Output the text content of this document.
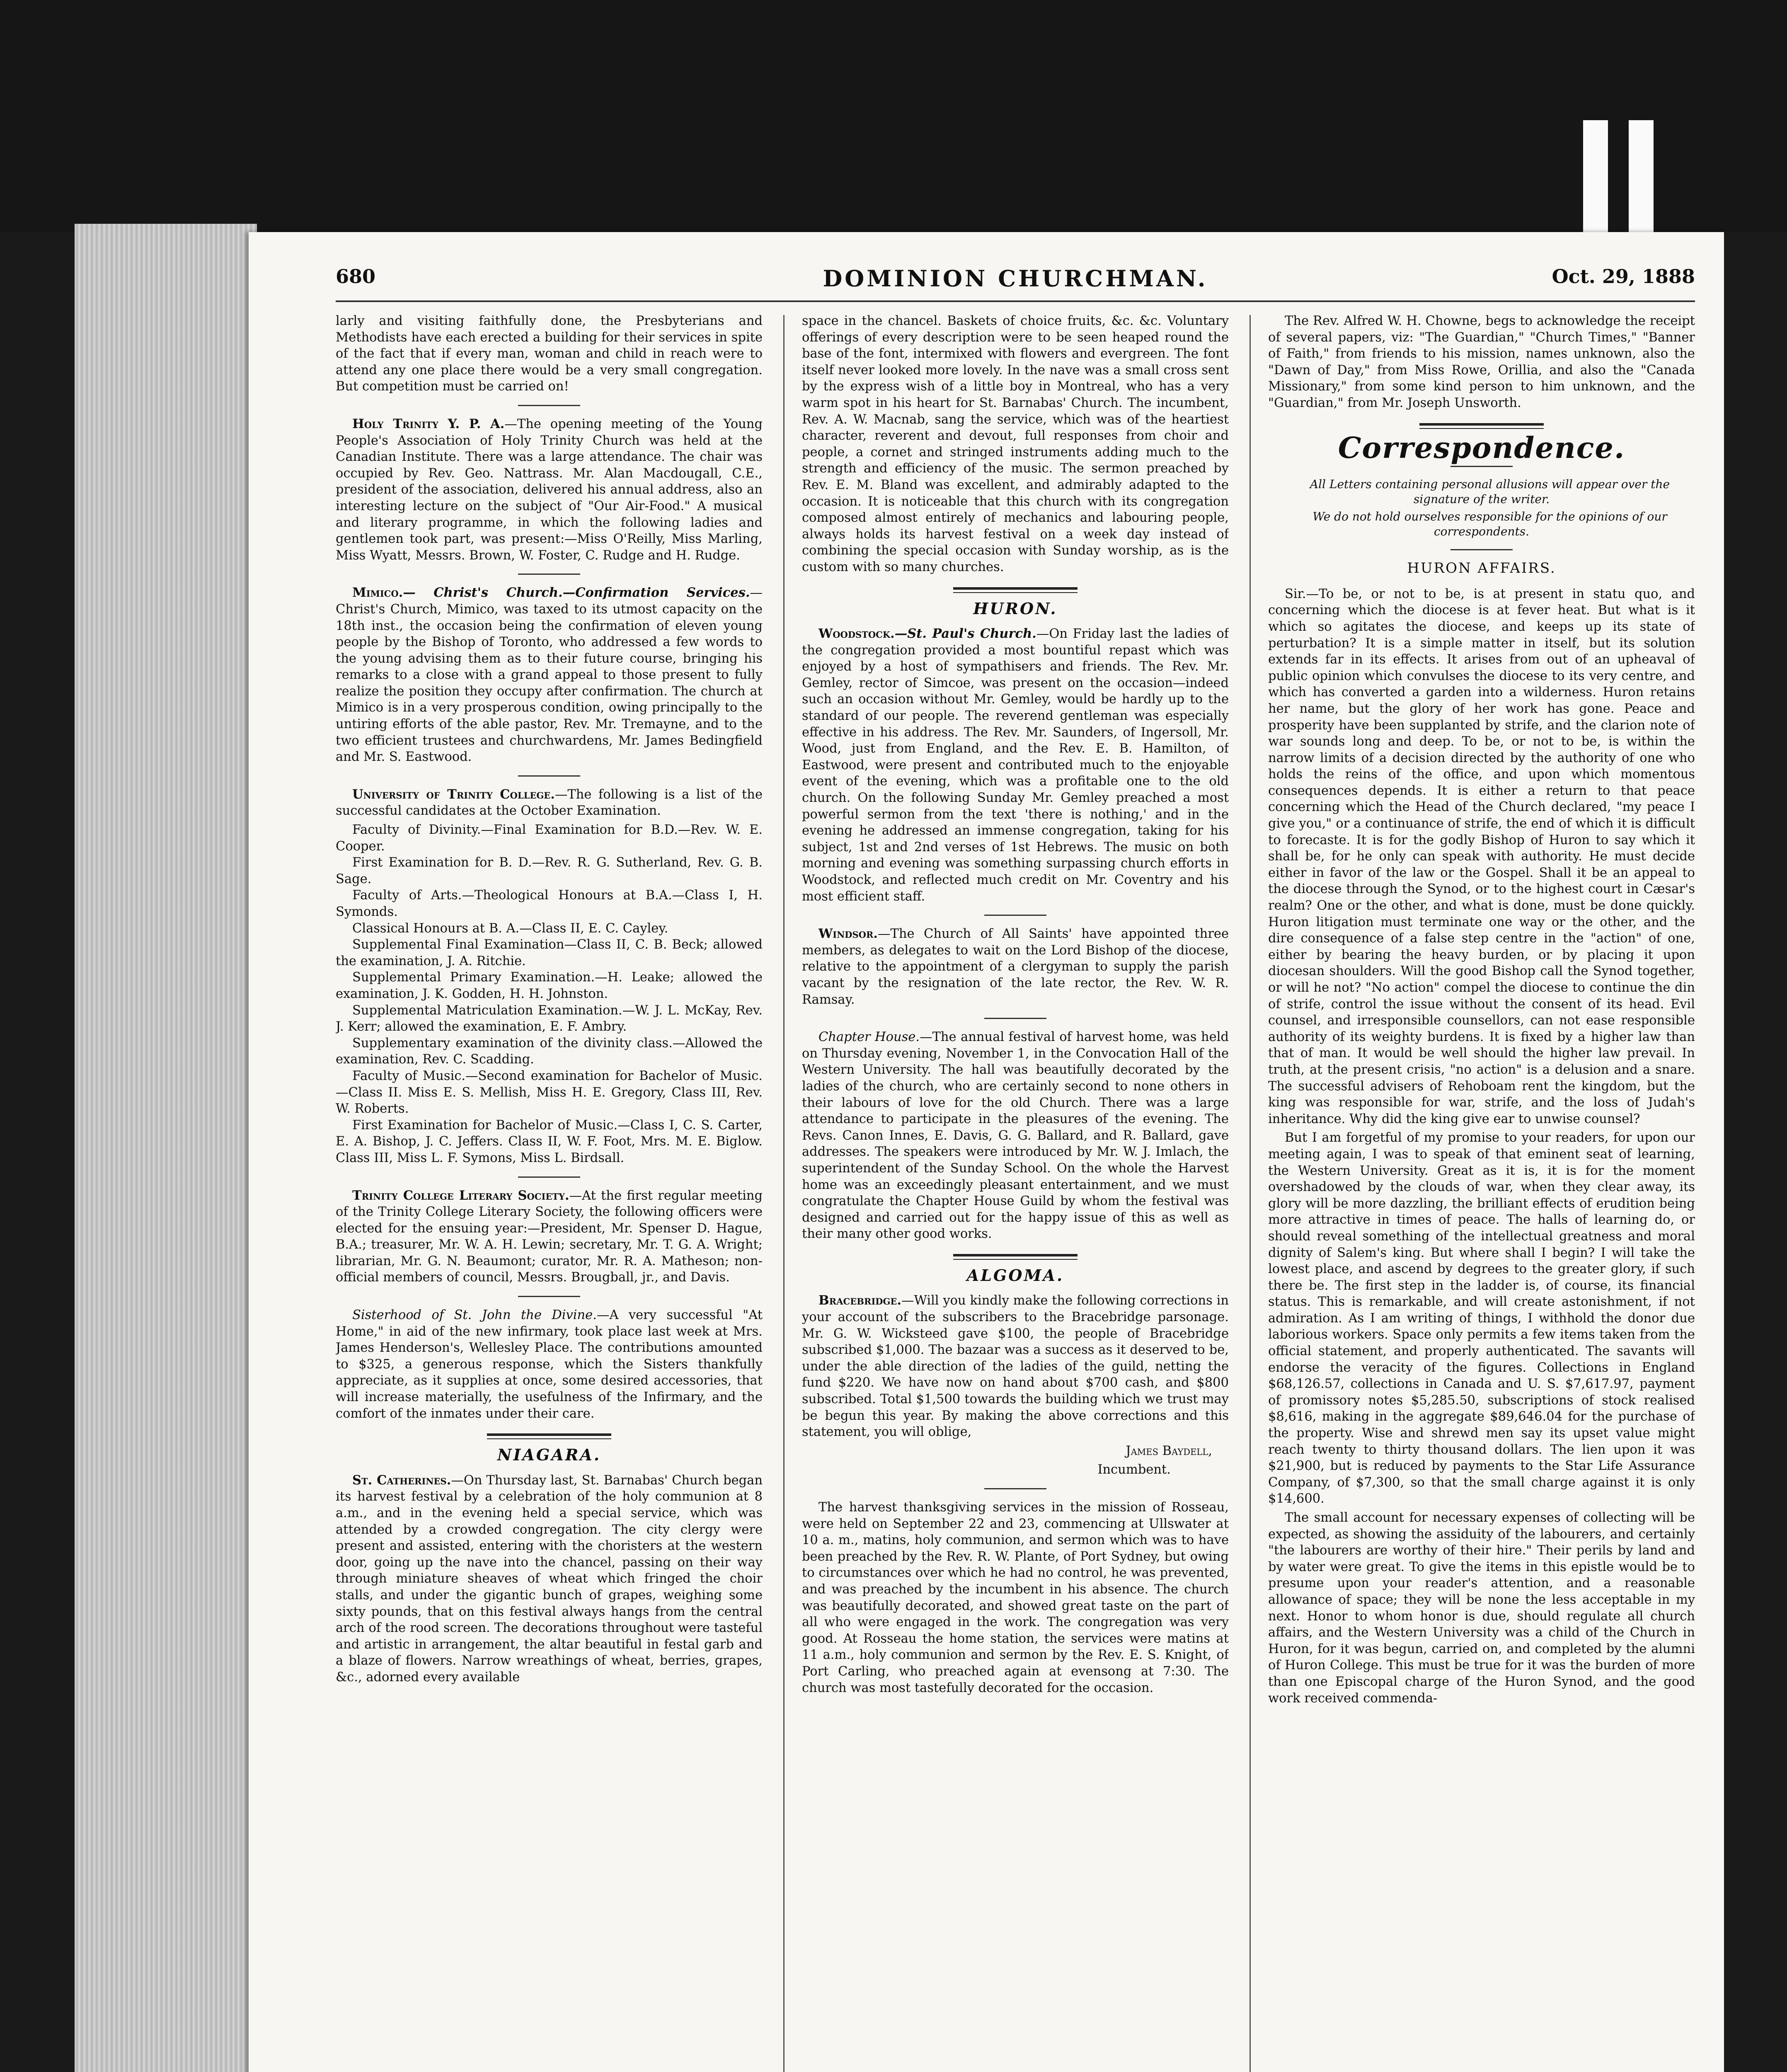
680	DOMINION CHURCHMAN.	Oct. 29, 1888

larly and visiting faithfully done, the Presbyterians and Methodists have each erected a building for their services in spite of the fact that if every man, woman and child in reach were to attend any one place there would be a very small congregation. But competition must be carried on!

Holy Trinity Y. P. A.—The opening meeting of the Young People's Association of Holy Trinity Church was held at the Canadian Institute. There was a large attendance. The chair was occupied by Rev. Geo. Nattrass. Mr. Alan Macdougall, C.E., president of the association, delivered his annual address, also an interesting lecture on the subject of "Our Air-Food." A musical and literary programme, in which the following ladies and gentlemen took part, was present:—Miss O'Reilly, Miss Marling, Miss Wyatt, Messrs. Brown, W. Foster, C. Rudge and H. Rudge.

Mimico.— Christ's Church.—Confirmation Services.— Christ's Church, Mimico, was taxed to its utmost capacity on the 18th inst., the occasion being the confirmation of eleven young people by the Bishop of Toronto, who addressed a few words to the young advising them as to their future course, bringing his remarks to a close with a grand appeal to those present to fully realize the position they occupy after confirmation. The church at Mimico is in a very prosperous condition, owing principally to the untiring efforts of the able pastor, Rev. Mr. Tremayne, and to the two efficient trustees and churchwardens, Mr. James Bedingfield and Mr. S. Eastwood.

University of Trinity College.—The following is a list of the successful candidates at the October Examination.

Faculty of Divinity.—Final Examination for B.D.—Rev. W. E. Cooper.

First Examination for B. D.—Rev. R. G. Sutherland, Rev. G. B. Sage.

Faculty of Arts.—Theological Honours at B.A.—Class I, H. Symonds.

Classical Honours at B. A.—Class II, E. C. Cayley.

Supplemental Final Examination—Class II, C. B. Beck; allowed the examination, J. A. Ritchie.

Supplemental Primary Examination.—H. Leake; allowed the examination, J. K. Godden, H. H. Johnston.

Supplemental Matriculation Examination.—W. J. L. McKay, Rev. J. Kerr; allowed the examination, E. F. Ambry.

Supplementary examination of the divinity class.—Allowed the examination, Rev. C. Scadding.

Faculty of Music.—Second examination for Bachelor of Music.—Class II. Miss E. S. Mellish, Miss H. E. Gregory, Class III, Rev. W. Roberts.

First Examination for Bachelor of Music.—Class I, C. S. Carter, E. A. Bishop, J. C. Jeffers. Class II, W. F. Foot, Mrs. M. E. Biglow. Class III, Miss L. F. Symons, Miss L. Birdsall.

Trinity College Literary Society.—At the first regular meeting of the Trinity College Literary Society, the following officers were elected for the ensuing year:—President, Mr. Spenser D. Hague, B.A.; treasurer, Mr. W. A. H. Lewin; secretary, Mr. T. G. A. Wright; librarian, Mr. G. N. Beaumont; curator, Mr. R. A. Matheson; non-official members of council, Messrs. Brougball, jr., and Davis.

Sisterhood of St. John the Divine.—A very successful "At Home," in aid of the new infirmary, took place last week at Mrs. James Henderson's, Wellesley Place. The contributions amounted to $325, a generous response, which the Sisters thankfully appreciate, as it supplies at once, some desired accessories, that will increase materially, the usefulness of the Infirmary, and the comfort of the inmates under their care.

NIAGARA.

St. Catherines.—On Thursday last, St. Barnabas' Church began its harvest festival by a celebration of the holy communion at 8 a.m., and in the evening held a special service, which was attended by a crowded congregation. The city clergy were present and assisted, entering with the choristers at the western door, going up the nave into the chancel, passing on their way through miniature sheaves of wheat which fringed the choir stalls, and under the gigantic bunch of grapes, weighing some sixty pounds, that on this festival always hangs from the central arch of the rood screen. The decorations throughout were tasteful and artistic in arrangement, the altar beautiful in festal garb and a blaze of flowers. Narrow wreathings of wheat, berries, grapes, &c., adorned every available

space in the chancel. Baskets of choice fruits, &c. &c. Voluntary offerings of every description were to be seen heaped round the base of the font, intermixed with flowers and evergreen. The font itself never looked more lovely. In the nave was a small cross sent by the express wish of a little boy in Montreal, who has a very warm spot in his heart for St. Barnabas' Church. The incumbent, Rev. A. W. Macnab, sang the service, which was of the heartiest character, reverent and devout, full responses from choir and people, a cornet and stringed instruments adding much to the strength and efficiency of the music. The sermon preached by Rev. E. M. Bland was excellent, and admirably adapted to the occasion. It is noticeable that this church with its congregation composed almost entirely of mechanics and labouring people, always holds its harvest festival on a week day instead of combining the special occasion with Sunday worship, as is the custom with so many churches.

HURON.

Woodstock.—St. Paul's Church.—On Friday last the ladies of the congregation provided a most bountiful repast which was enjoyed by a host of sympathisers and friends. The Rev. Mr. Gemley, rector of Simcoe, was present on the occasion—indeed such an occasion without Mr. Gemley, would be hardly up to the standard of our people. The reverend gentleman was especially effective in his address. The Rev. Mr. Saunders, of Ingersoll, Mr. Wood, just from England, and the Rev. E. B. Hamilton, of Eastwood, were present and contributed much to the enjoyable event of the evening, which was a profitable one to the old church. On the following Sunday Mr. Gemley preached a most powerful sermon from the text 'there is nothing,' and in the evening he addressed an immense congregation, taking for his subject, 1st and 2nd verses of 1st Hebrews. The music on both morning and evening was something surpassing church efforts in Woodstock, and reflected much credit on Mr. Coventry and his most efficient staff.

Windsor.—The Church of All Saints' have appointed three members, as delegates to wait on the Lord Bishop of the diocese, relative to the appointment of a clergyman to supply the parish vacant by the resignation of the late rector, the Rev. W. R. Ramsay.

Chapter House.—The annual festival of harvest home, was held on Thursday evening, November 1, in the Convocation Hall of the Western University. The hall was beautifully decorated by the ladies of the church, who are certainly second to none others in their labours of love for the old Church. There was a large attendance to participate in the pleasures of the evening. The Revs. Canon Innes, E. Davis, G. G. Ballard, and R. Ballard, gave addresses. The speakers were introduced by Mr. W. J. Imlach, the superintendent of the Sunday School. On the whole the Harvest home was an exceedingly pleasant entertainment, and we must congratulate the Chapter House Guild by whom the festival was designed and carried out for the happy issue of this as well as their many other good works.

ALGOMA.

Bracebridge.—Will you kindly make the following corrections in your account of the subscribers to the Bracebridge parsonage. Mr. G. W. Wicksteed gave $100, the people of Bracebridge subscribed $1,000. The bazaar was a success as it deserved to be, under the able direction of the ladies of the guild, netting the fund $220. We have now on hand about $700 cash, and $800 subscribed. Total $1,500 towards the building which we trust may be begun this year. By making the above corrections and this statement, you will oblige,

James Baydell,

Incumbent.

The harvest thanksgiving services in the mission of Rosseau, were held on September 22 and 23, commencing at Ullswater at 10 a. m., matins, holy communion, and sermon which was to have been preached by the Rev. R. W. Plante, of Port Sydney, but owing to circumstances over which he had no control, he was prevented, and was preached by the incumbent in his absence. The church was beautifully decorated, and showed great taste on the part of all who were engaged in the work. The congregation was very good. At Rosseau the home station, the services were matins at 11 a.m., holy communion and sermon by the Rev. E. S. Knight, of Port Carling, who preached again at evensong at 7:30. The church was most tastefully decorated for the occasion.

The Rev. Alfred W. H. Chowne, begs to acknowledge the receipt of several papers, viz: "The Guardian," "Church Times," "Banner of Faith," from friends to his mission, names unknown, also the "Dawn of Day," from Miss Rowe, Orillia, and also the "Canada Missionary," from some kind person to him unknown, and the "Guardian," from Mr. Joseph Unsworth.

Correspondence.

All Letters containing personal allusions will appear over the signature of the writer.

We do not hold ourselves responsible for the opinions of our correspondents.

HURON AFFAIRS.

Sir.—To be, or not to be, is at present in statu quo, and concerning which the diocese is at fever heat. But what is it which so agitates the diocese, and keeps up its state of perturbation? It is a simple matter in itself, but its solution extends far in its effects. It arises from out of an upheaval of public opinion which convulses the diocese to its very centre, and which has converted a garden into a wilderness. Huron retains her name, but the glory of her work has gone. Peace and prosperity have been supplanted by strife, and the clarion note of war sounds long and deep. To be, or not to be, is within the narrow limits of a decision directed by the authority of one who holds the reins of the office, and upon which momentous consequences depends. It is either a return to that peace concerning which the Head of the Church declared, "my peace I give you," or a continuance of strife, the end of which it is difficult to forecaste. It is for the godly Bishop of Huron to say which it shall be, for he only can speak with authority. He must decide either in favor of the law or the Gospel. Shall it be an appeal to the diocese through the Synod, or to the highest court in Cæsar's realm? One or the other, and what is done, must be done quickly. Huron litigation must terminate one way or the other, and the dire consequence of a false step centre in the "action" of one, either by bearing the heavy burden, or by placing it upon diocesan shoulders. Will the good Bishop call the Synod together, or will he not? "No action" compel the diocese to continue the din of strife, control the issue without the consent of its head. Evil counsel, and irresponsible counsellors, can not ease responsible authority of its weighty burdens. It is fixed by a higher law than that of man. It would be well should the higher law prevail. In truth, at the present crisis, "no action" is a delusion and a snare. The successful advisers of Rehoboam rent the kingdom, but the king was responsible for war, strife, and the loss of Judah's inheritance. Why did the king give ear to unwise counsel?

But I am forgetful of my promise to your readers, for upon our meeting again, I was to speak of that eminent seat of learning, the Western University. Great as it is, it is for the moment overshadowed by the clouds of war, when they clear away, its glory will be more dazzling, the brilliant effects of erudition being more attractive in times of peace. The halls of learning do, or should reveal something of the intellectual greatness and moral dignity of Salem's king. But where shall I begin? I will take the lowest place, and ascend by degrees to the greater glory, if such there be. The first step in the ladder is, of course, its financial status. This is remarkable, and will create astonishment, if not admiration. As I am writing of things, I withhold the donor due laborious workers. Space only permits a few items taken from the official statement, and properly authenticated. The savants will endorse the veracity of the figures. Collections in England $68,126.57, collections in Canada and U. S. $7,617.97, payment of promissory notes $5,285.50, subscriptions of stock realised $8,616, making in the aggregate $89,646.04 for the purchase of the property. Wise and shrewd men say its upset value might reach twenty to thirty thousand dollars. The lien upon it was $21,900, but is reduced by payments to the Star Life Assurance Company, of $7,300, so that the small charge against it is only $14,600.

The small account for necessary expenses of collecting will be expected, as showing the assiduity of the labourers, and certainly "the labourers are worthy of their hire." Their perils by land and by water were great. To give the items in this epistle would be to presume upon your reader's attention, and a reasonable allowance of space; they will be none the less acceptable in my next. Honor to whom honor is due, should regulate all church affairs, and the Western University was a child of the Church in Huron, for it was begun, carried on, and completed by the alumni of Huron College. This must be true for it was the burden of more than one Episcopal charge of the Huron Synod, and the good work received commenda-
